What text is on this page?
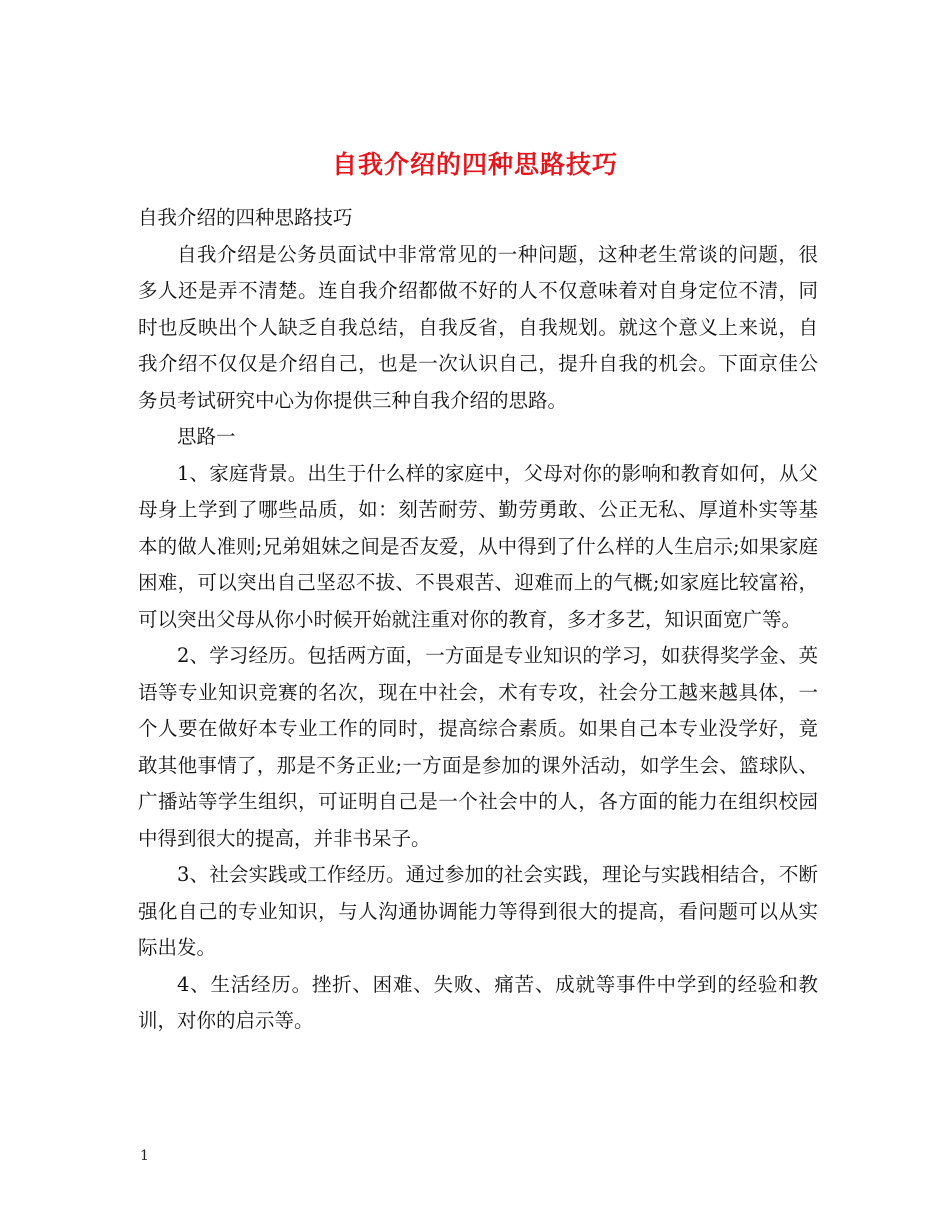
自我介绍的四种思路技巧

自我介绍的四种思路技巧

自我介绍是公务员面试中非常常见的一种问题，这种老生常谈的问题，很多人还是弄不清楚。连自我介绍都做不好的人不仅意味着对自身定位不清，同时也反映出个人缺乏自我总结，自我反省，自我规划。就这个意义上来说，自我介绍不仅仅是介绍自己，也是一次认识自己，提升自我的机会。下面京佳公务员考试研究中心为你提供三种自我介绍的思路。

思路一

1、家庭背景。出生于什么样的家庭中，父母对你的影响和教育如何，从父母身上学到了哪些品质，如：刻苦耐劳、勤劳勇敢、公正无私、厚道朴实等基本的做人准则;兄弟姐妹之间是否友爱，从中得到了什么样的人生启示;如果家庭困难，可以突出自己坚忍不拔、不畏艰苦、迎难而上的气概;如家庭比较富裕，可以突出父母从你小时候开始就注重对你的教育，多才多艺，知识面宽广等。

2、学习经历。包括两方面，一方面是专业知识的学习，如获得奖学金、英语等专业知识竞赛的名次，现在中社会，术有专攻，社会分工越来越具体，一个人要在做好本专业工作的同时，提高综合素质。如果自己本专业没学好，竟敢其他事情了，那是不务正业;一方面是参加的课外活动，如学生会、篮球队、广播站等学生组织，可证明自己是一个社会中的人，各方面的能力在组织校园中得到很大的提高，并非书呆子。

3、社会实践或工作经历。通过参加的社会实践，理论与实践相结合，不断强化自己的专业知识，与人沟通协调能力等得到很大的提高，看问题可以从实际出发。

4、生活经历。挫折、困难、失败、痛苦、成就等事件中学到的经验和教训，对你的启示等。

1
